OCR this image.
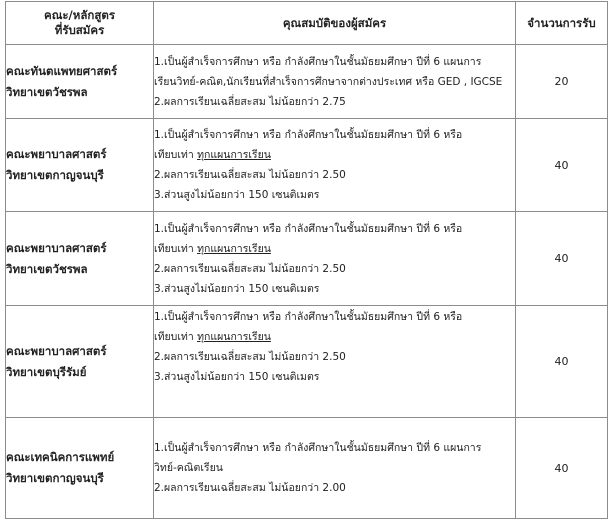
คณะ/หลักสูตร
ที่รับสมัคร	คุณสมบัติของผู้สมัคร	จำนวนการรับ

คณะทันตแพทยศาสตร์
วิทยาเขตวัชรพล	1.เป็นผู้สำเร็จการศึกษา หรือ กำลังศึกษาในชั้นมัธยมศึกษา ปีที่ 6 แผนการ
เรียนวิทย์-คณิต,นักเรียนที่สำเร็จการศึกษาจากต่างประเทศ หรือ GED , IGCSE
2.ผลการเรียนเฉลี่ยสะสม ไม่น้อยกว่า 2.75	20

คณะพยาบาลศาสตร์
วิทยาเขตกาญจนบุรี	1.เป็นผู้สำเร็จการศึกษา หรือ กำลังศึกษาในชั้นมัธยมศึกษา ปีที่ 6 หรือ
เทียบเท่า ทุกแผนการเรียน
2.ผลการเรียนเฉลี่ยสะสม ไม่น้อยกว่า 2.50
3.ส่วนสูงไม่น้อยกว่า 150 เซนติเมตร	40

คณะพยาบาลศาสตร์
วิทยาเขตวัชรพล	1.เป็นผู้สำเร็จการศึกษา หรือ กำลังศึกษาในชั้นมัธยมศึกษา ปีที่ 6 หรือ
เทียบเท่า ทุกแผนการเรียน
2.ผลการเรียนเฉลี่ยสะสม ไม่น้อยกว่า 2.50
3.ส่วนสูงไม่น้อยกว่า 150 เซนติเมตร	40

คณะพยาบาลศาสตร์
วิทยาเขตบุรีรัมย์	1.เป็นผู้สำเร็จการศึกษา หรือ กำลังศึกษาในชั้นมัธยมศึกษา ปีที่ 6 หรือ
เทียบเท่า ทุกแผนการเรียน
2.ผลการเรียนเฉลี่ยสะสม ไม่น้อยกว่า 2.50
3.ส่วนสูงไม่น้อยกว่า 150 เซนติเมตร	40

คณะเทคนิคการแพทย์
วิทยาเขตกาญจนบุรี	1.เป็นผู้สำเร็จการศึกษา หรือ กำลังศึกษาในชั้นมัธยมศึกษา ปีที่ 6 แผนการ
วิทย์-คณิตเรียน
2.ผลการเรียนเฉลี่ยสะสม ไม่น้อยกว่า 2.00	40
